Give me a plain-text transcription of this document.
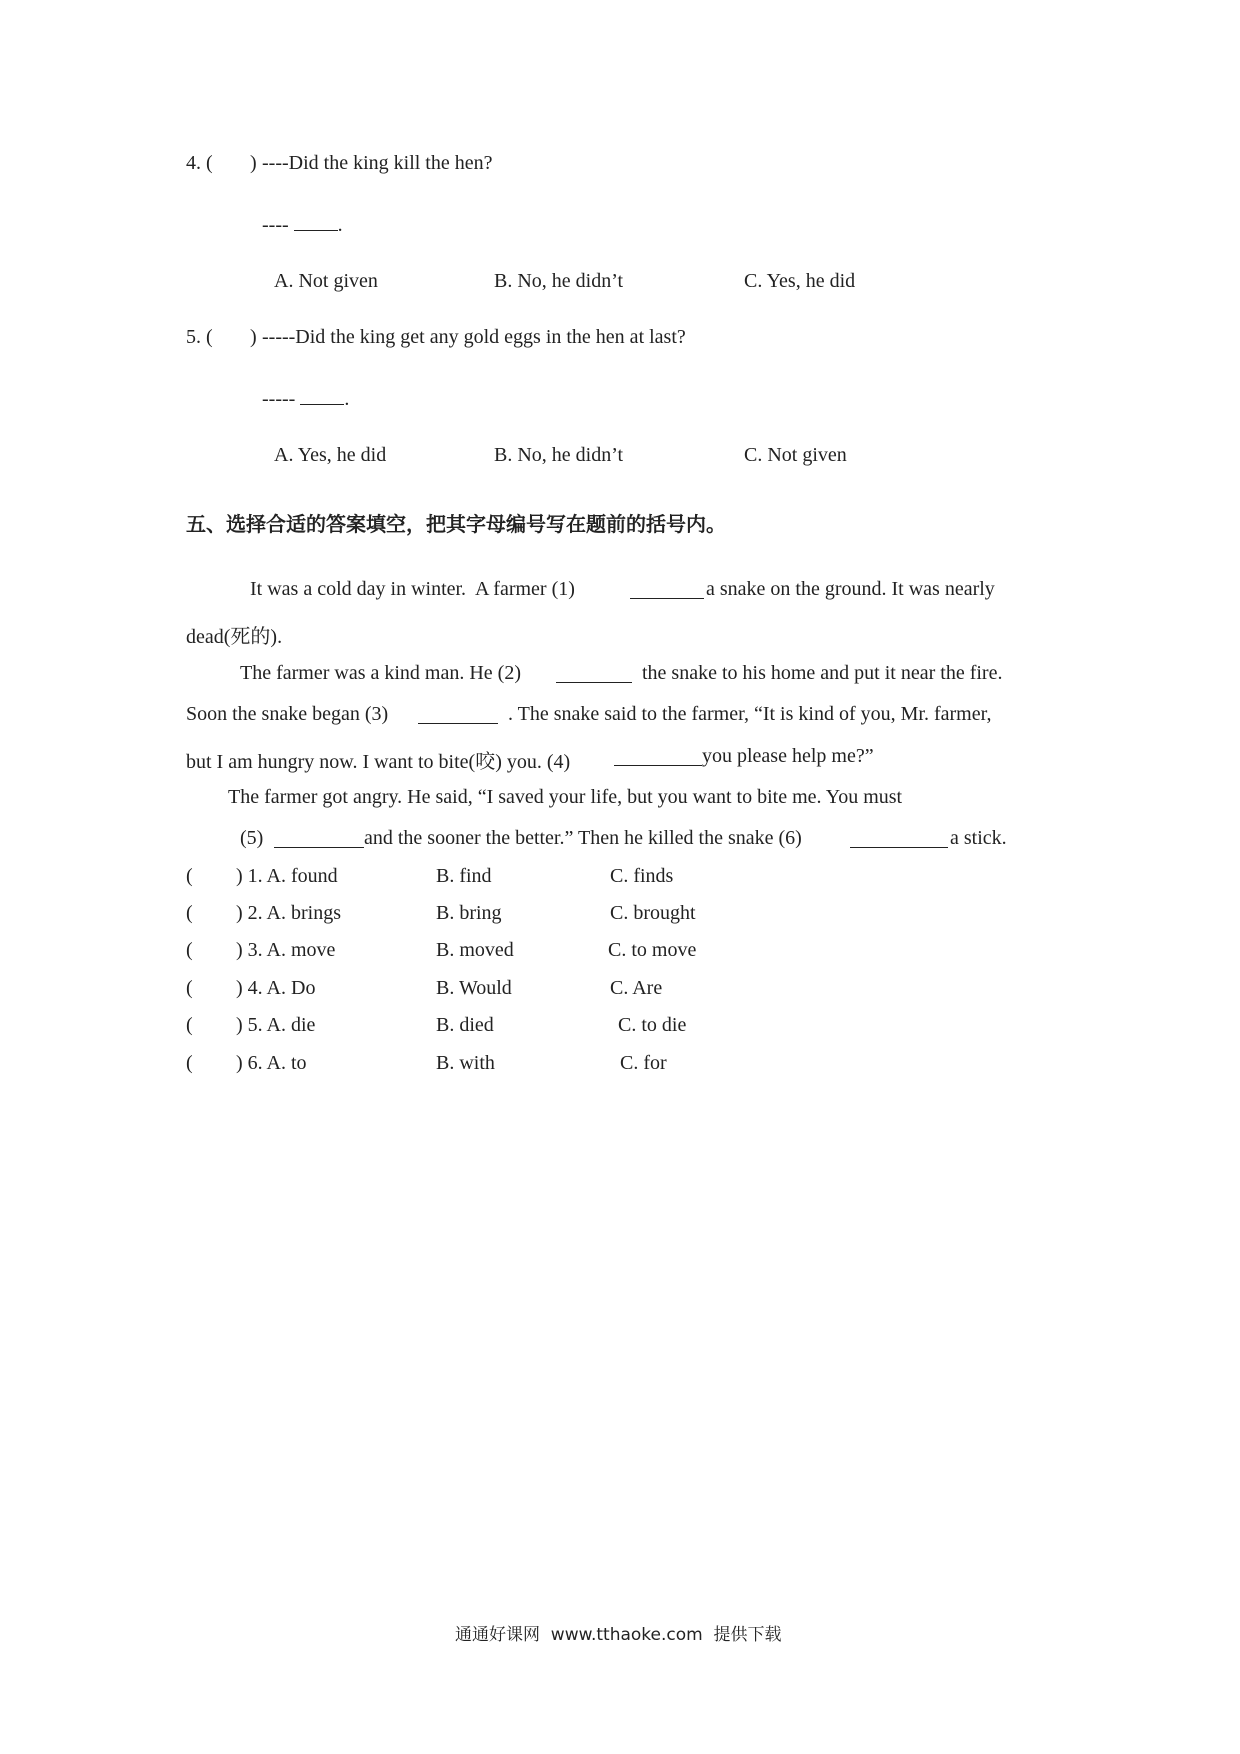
4. ( ) ----Did the king kill the hen?
---- .
A. Not given	B. No, he didn’t	C. Yes, he did
5. ( ) -----Did the king get any gold eggs in the hen at last?
----- .
A. Yes, he did	B. No, he didn’t	C. Not given
五、选择合适的答案填空，把其字母编号写在题前的括号内。
It was a cold day in winter.  A farmer (1)	a snake on the ground. It was nearly
dead(死的).
The farmer was a kind man. He (2)	the snake to his home and put it near the fire.
Soon the snake began (3)	. The snake said to the farmer, “It is kind of you, Mr. farmer,
but I am hungry now. I want to bite(咬) you. (4)	you please help me?”
The farmer got angry. He said, “I saved your life, but you want to bite me. You must
(5)	and the sooner the better.” Then he killed the snake (6)	a stick.
( ) 1. A. found	B. find	C. finds
( ) 2. A. brings	B. bring	C. brought
( ) 3. A. move	B. moved	C. to move
( ) 4. A. Do	B. Would	C. Are
( ) 5. A. die	B. died	C. to die
( ) 6. A. to	B. with	C. for
通通好课网  www.tthaoke.com  提供下载
